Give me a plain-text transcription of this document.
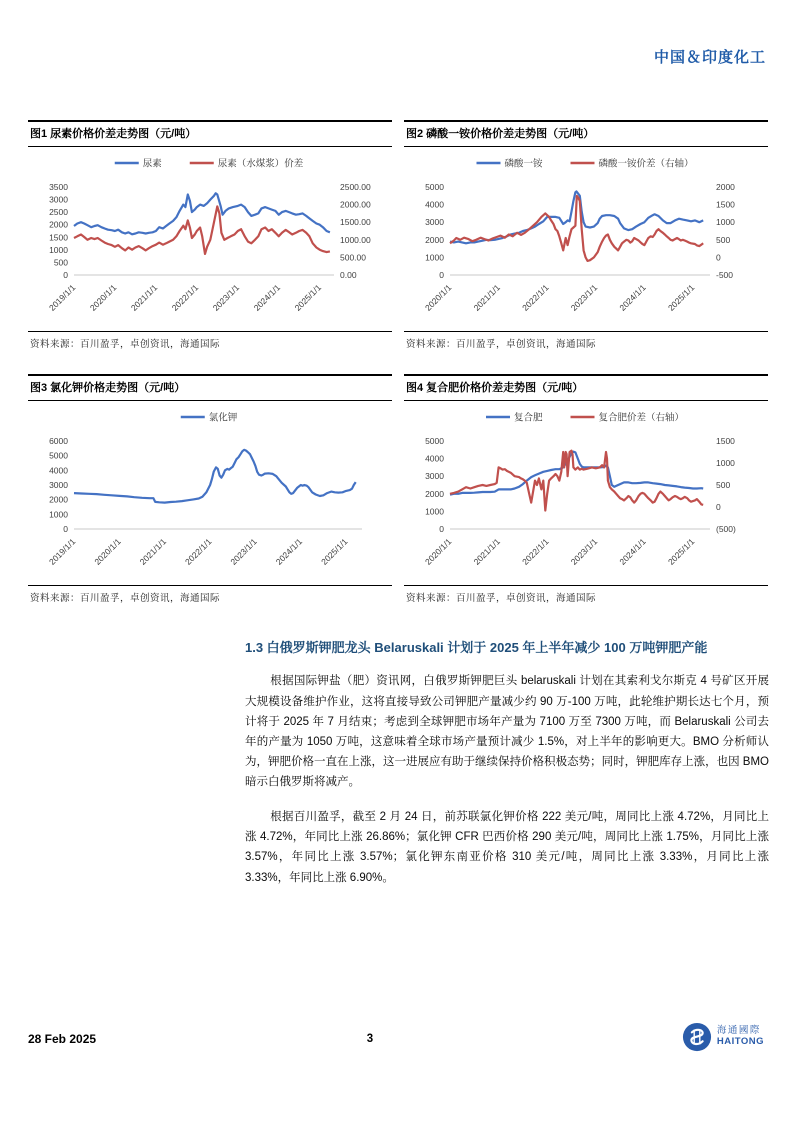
中国＆印度化工
图1 尿素价格价差走势图（元/吨）
3500
3000
2500
2000
1500
1000
500
0
2500.00
2000.00
1500.00
1000.00
500.00
0.00
2019/1/1 2020/1/1 2021/1/1 2022/1/1 2023/1/1 2024/1/1 2025/1/1
尿素	尿素（水煤浆）价差
资料来源：百川盈孚，卓创资讯，海通国际
图2 磷酸一铵价格价差走势图（元/吨）
5000
4000
3000
2000
1000
0
2000
1500
1000
500
0
-500
2020/1/1 2021/1/1 2022/1/1 2023/1/1 2024/1/1 2025/1/1
磷酸一铵	磷酸一铵价差（右轴）
资料来源：百川盈孚，卓创资讯，海通国际
图3 氯化钾价格走势图（元/吨）
6000
5000
4000
3000
2000
1000
0
2019/1/1 2020/1/1 2021/1/1 2022/1/1 2023/1/1 2024/1/1 2025/1/1
氯化钾
资料来源：百川盈孚，卓创资讯，海通国际
图4 复合肥价格价差走势图（元/吨）
5000
4000
3000
2000
1000
0
1500
1000
500
0
(500)
2020/1/1 2021/1/1 2022/1/1 2023/1/1 2024/1/1 2025/1/1
复合肥	复合肥价差（右轴）
资料来源：百川盈孚，卓创资讯，海通国际
1.3 白俄罗斯钾肥龙头 Belaruskali 计划于 2025 年上半年减少 100 万吨钾肥产能

根据国际钾盐（肥）资讯网，白俄罗斯钾肥巨头 belaruskali 计划在其索利戈尔斯克 4 号矿区开展大规模设备维护作业，这将直接导致公司钾肥产量减少约 90 万-100 万吨，此轮维护期长达七个月，预计将于 2025 年 7 月结束；考虑到全球钾肥市场年产量为 7100 万至 7300 万吨，而 Belaruskali 公司去年的产量为 1050 万吨，这意味着全球市场产量预计减少 1.5%，对上半年的影响更大。BMO 分析师认为，钾肥价格一直在上涨，这一进展应有助于继续保持价格积极态势；同时，钾肥库存上涨，也因 BMO 暗示白俄罗斯将减产。

根据百川盈孚，截至 2 月 24 日，前苏联氯化钾价格 222 美元/吨，周同比上涨 4.72%，月同比上涨 4.72%，年同比上涨 26.86%；氯化钾 CFR 巴西价格 290 美元/吨，周同比上涨 1.75%，月同比上涨 3.57%，年同比上涨 3.57%；氯化钾东南亚价格 310 美元/吨，周同比上涨 3.33%，月同比上涨 3.33%，年同比上涨 6.90%。

3
28 Feb 2025
海通國際
HAITONG
